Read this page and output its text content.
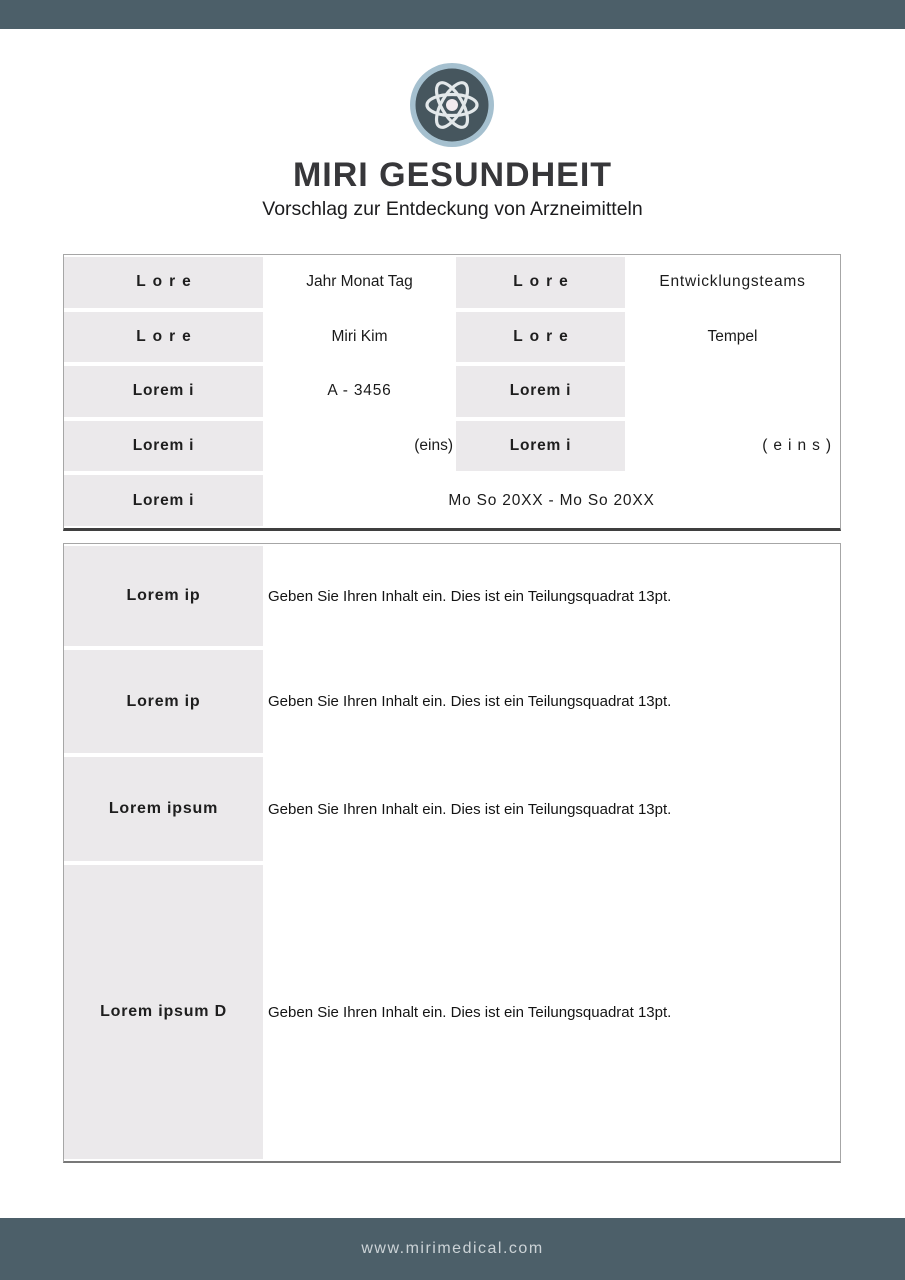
MIRI GESUNDHEIT
Vorschlag zur Entdeckung von Arzneimitteln
Lore	Jahr Monat Tag	Lore	Entwicklungsteams
Lore	Miri Kim	Lore	Tempel
Lorem i	A - 3456	Lorem i
Lorem i	(eins)	Lorem i	(eins)
Lorem i	Mo So 20XX - Mo So 20XX
Lorem ip	Geben Sie Ihren Inhalt ein. Dies ist ein Teilungsquadrat 13pt.
Lorem ip	Geben Sie Ihren Inhalt ein. Dies ist ein Teilungsquadrat 13pt.
Lorem ipsum	Geben Sie Ihren Inhalt ein. Dies ist ein Teilungsquadrat 13pt.
Lorem ipsum D	Geben Sie Ihren Inhalt ein. Dies ist ein Teilungsquadrat 13pt.
www.mirimedical.com
